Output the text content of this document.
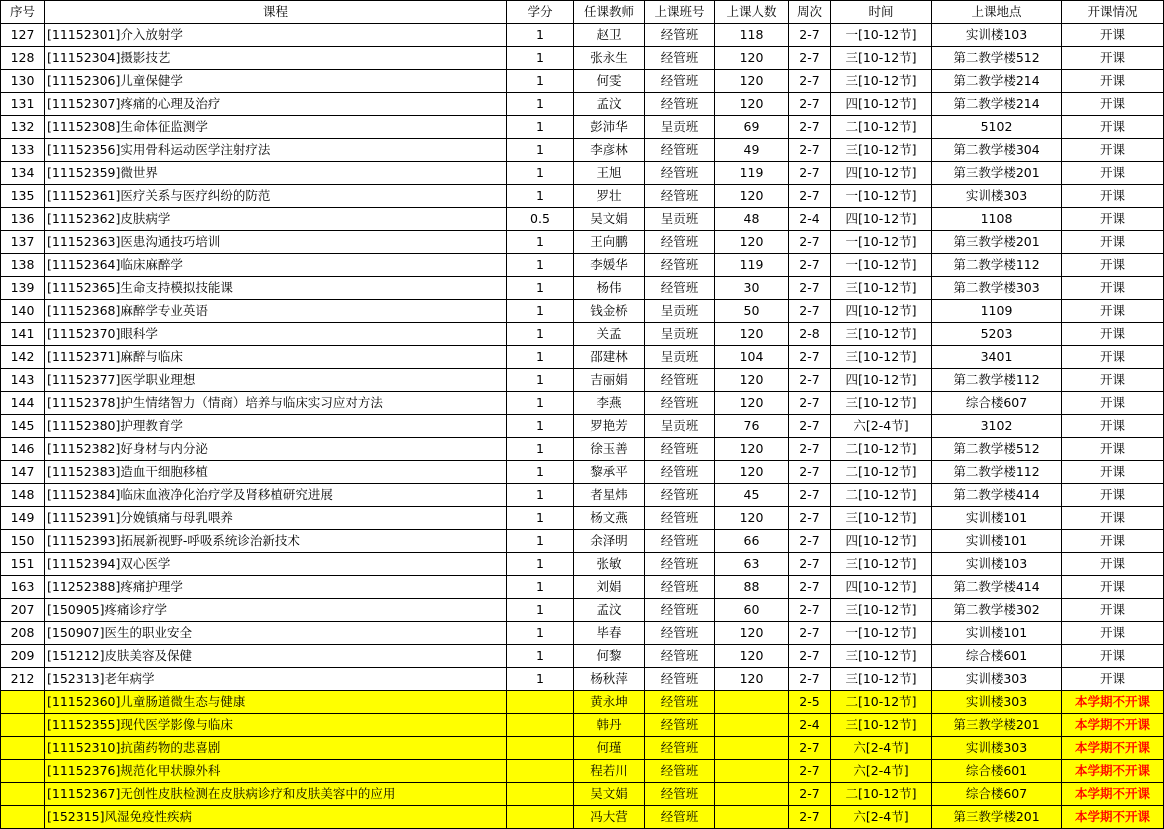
序号	课程	学分	任课教师	上课班号	上课人数	周次	时间	上课地点	开课情况
127	[11152301]介入放射学	1	赵卫	经管班	118	2-7	一[10-12节]	实训楼103	开课
128	[11152304]摄影技艺	1	张永生	经管班	120	2-7	三[10-12节]	第二教学楼512	开课
130	[11152306]儿童保健学	1	何雯	经管班	120	2-7	三[10-12节]	第二教学楼214	开课
131	[11152307]疼痛的心理及治疗	1	孟汶	经管班	120	2-7	四[10-12节]	第二教学楼214	开课
132	[11152308]生命体征监测学	1	彭沛华	呈贡班	69	2-7	二[10-12节]	5102	开课
133	[11152356]实用骨科运动医学注射疗法	1	李彦林	经管班	49	2-7	三[10-12节]	第二教学楼304	开课
134	[11152359]微世界	1	王旭	经管班	119	2-7	四[10-12节]	第三教学楼201	开课
135	[11152361]医疗关系与医疗纠纷的防范	1	罗壮	经管班	120	2-7	一[10-12节]	实训楼303	开课
136	[11152362]皮肤病学	0.5	吴文娟	呈贡班	48	2-4	四[10-12节]	1108	开课
137	[11152363]医患沟通技巧培训	1	王向鹏	经管班	120	2-7	一[10-12节]	第三教学楼201	开课
138	[11152364]临床麻醉学	1	李媛华	经管班	119	2-7	一[10-12节]	第二教学楼112	开课
139	[11152365]生命支持模拟技能课	1	杨伟	经管班	30	2-7	三[10-12节]	第二教学楼303	开课
140	[11152368]麻醉学专业英语	1	钱金桥	呈贡班	50	2-7	四[10-12节]	1109	开课
141	[11152370]眼科学	1	关孟	呈贡班	120	2-8	三[10-12节]	5203	开课
142	[11152371]麻醉与临床	1	邵建林	呈贡班	104	2-7	三[10-12节]	3401	开课
143	[11152377]医学职业理想	1	吉丽娟	经管班	120	2-7	四[10-12节]	第二教学楼112	开课
144	[11152378]护生情绪智力（情商）培养与临床实习应对方法	1	李燕	经管班	120	2-7	三[10-12节]	综合楼607	开课
145	[11152380]护理教育学	1	罗艳芳	呈贡班	76	2-7	六[2-4节]	3102	开课
146	[11152382]好身材与内分泌	1	徐玉善	经管班	120	2-7	二[10-12节]	第二教学楼512	开课
147	[11152383]造血干细胞移植	1	黎承平	经管班	120	2-7	二[10-12节]	第二教学楼112	开课
148	[11152384]临床血液净化治疗学及肾移植研究进展	1	者星炜	经管班	45	2-7	二[10-12节]	第二教学楼414	开课
149	[11152391]分娩镇痛与母乳喂养	1	杨文燕	经管班	120	2-7	三[10-12节]	实训楼101	开课
150	[11152393]拓展新视野-呼吸系统诊治新技术	1	余泽明	经管班	66	2-7	四[10-12节]	实训楼101	开课
151	[11152394]双心医学	1	张敏	经管班	63	2-7	三[10-12节]	实训楼103	开课
163	[11252388]疼痛护理学	1	刘娟	经管班	88	2-7	四[10-12节]	第二教学楼414	开课
207	[150905]疼痛诊疗学	1	孟汶	经管班	60	2-7	三[10-12节]	第二教学楼302	开课
208	[150907]医生的职业安全	1	毕春	经管班	120	2-7	一[10-12节]	实训楼101	开课
209	[151212]皮肤美容及保健	1	何黎	经管班	120	2-7	三[10-12节]	综合楼601	开课
212	[152313]老年病学	1	杨秋萍	经管班	120	2-7	三[10-12节]	实训楼303	开课
	[11152360]儿童肠道微生态与健康		黄永坤	经管班		2-5	二[10-12节]	实训楼303	本学期不开课
	[11152355]现代医学影像与临床		韩丹	经管班		2-4	三[10-12节]	第三教学楼201	本学期不开课
	[11152310]抗菌药物的悲喜剧		何瑾	经管班		2-7	六[2-4节]	实训楼303	本学期不开课
	[11152376]规范化甲状腺外科		程若川	经管班		2-7	六[2-4节]	综合楼601	本学期不开课
	[11152367]无创性皮肤检测在皮肤病诊疗和皮肤美容中的应用		吴文娟	经管班		2-7	二[10-12节]	综合楼607	本学期不开课
	[152315]风湿免疫性疾病		冯大营	经管班		2-7	六[2-4节]	第三教学楼201	本学期不开课
